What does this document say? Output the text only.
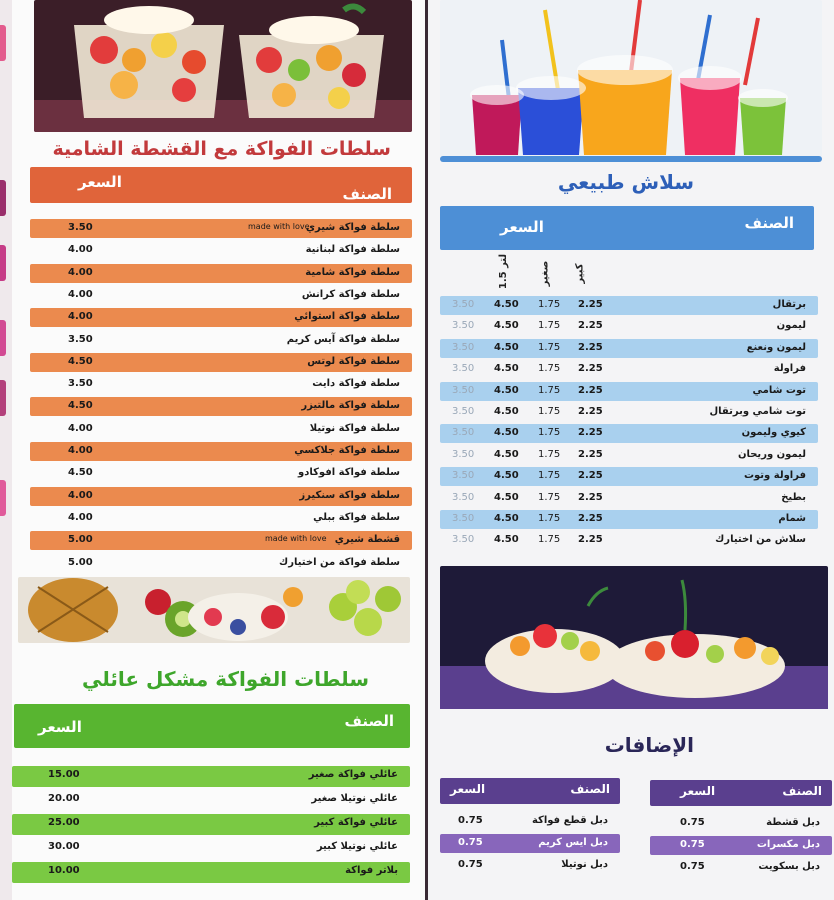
سلطات الفواكة مع القشطة الشامية
الصنف
السعر
سلطة فواكة شيري
3.50	made with love
سلطة فواكة لبنانية
4.00
سلطة فواكة شامية
4.00
سلطة فواكة كرانش
4.00
سلطة فواكة استوائي
4.00
سلطة فواكة آيس كريم
3.50
سلطة فواكة لوتس
4.50
سلطة فواكة دايت
3.50
سلطة فواكة مالتيزر
4.50
سلطة فواكة نوتيلا
4.00
سلطة فواكة جلاكسي
4.00
سلطة فواكة افوكادو
4.50
سلطة فواكة سنكيرز
4.00
سلطة فواكة ببلي
4.00
قشطة شيري
5.00	made with love
سلطة فواكة من اختيارك
5.00
سلطات الفواكة مشكل عائلي
الصنف
السعر
عائلي فواكة صغير
15.00
عائلي نوتيلا صغير
20.00
عائلي فواكة كبير
25.00
عائلي نوتيلا كبير
30.00
بلاتر فواكة
10.00
سلاش طبيعي
الصنف
السعر
كبير
صغير
1.5 لتر
برتقال
2.25
1.75
4.50
3.50
ليمون
2.25
1.75
4.50
3.50
ليمون ونعنع
2.25
1.75
4.50
3.50
فراولة
2.25
1.75
4.50
3.50
توت شامي
2.25
1.75
4.50
3.50
توت شامي وبرتقال
2.25
1.75
4.50
3.50
كيوي وليمون
2.25
1.75
4.50
3.50
ليمون وريحان
2.25
1.75
4.50
3.50
فراولة وتوت
2.25
1.75
4.50
3.50
بطيخ
2.25
1.75
4.50
3.50
شمام
2.25
1.75
4.50
3.50
سلاش من اختيارك
2.25
1.75
4.50
3.50
الإضافات
الصنف
السعر	الصنف
السعر
دبل قطع فواكة
0.75
دبل ايس كريم
0.75
دبل نوتيلا
0.75
دبل قشطة
0.75
دبل مكسرات
0.75
دبل بسكويت
0.75
